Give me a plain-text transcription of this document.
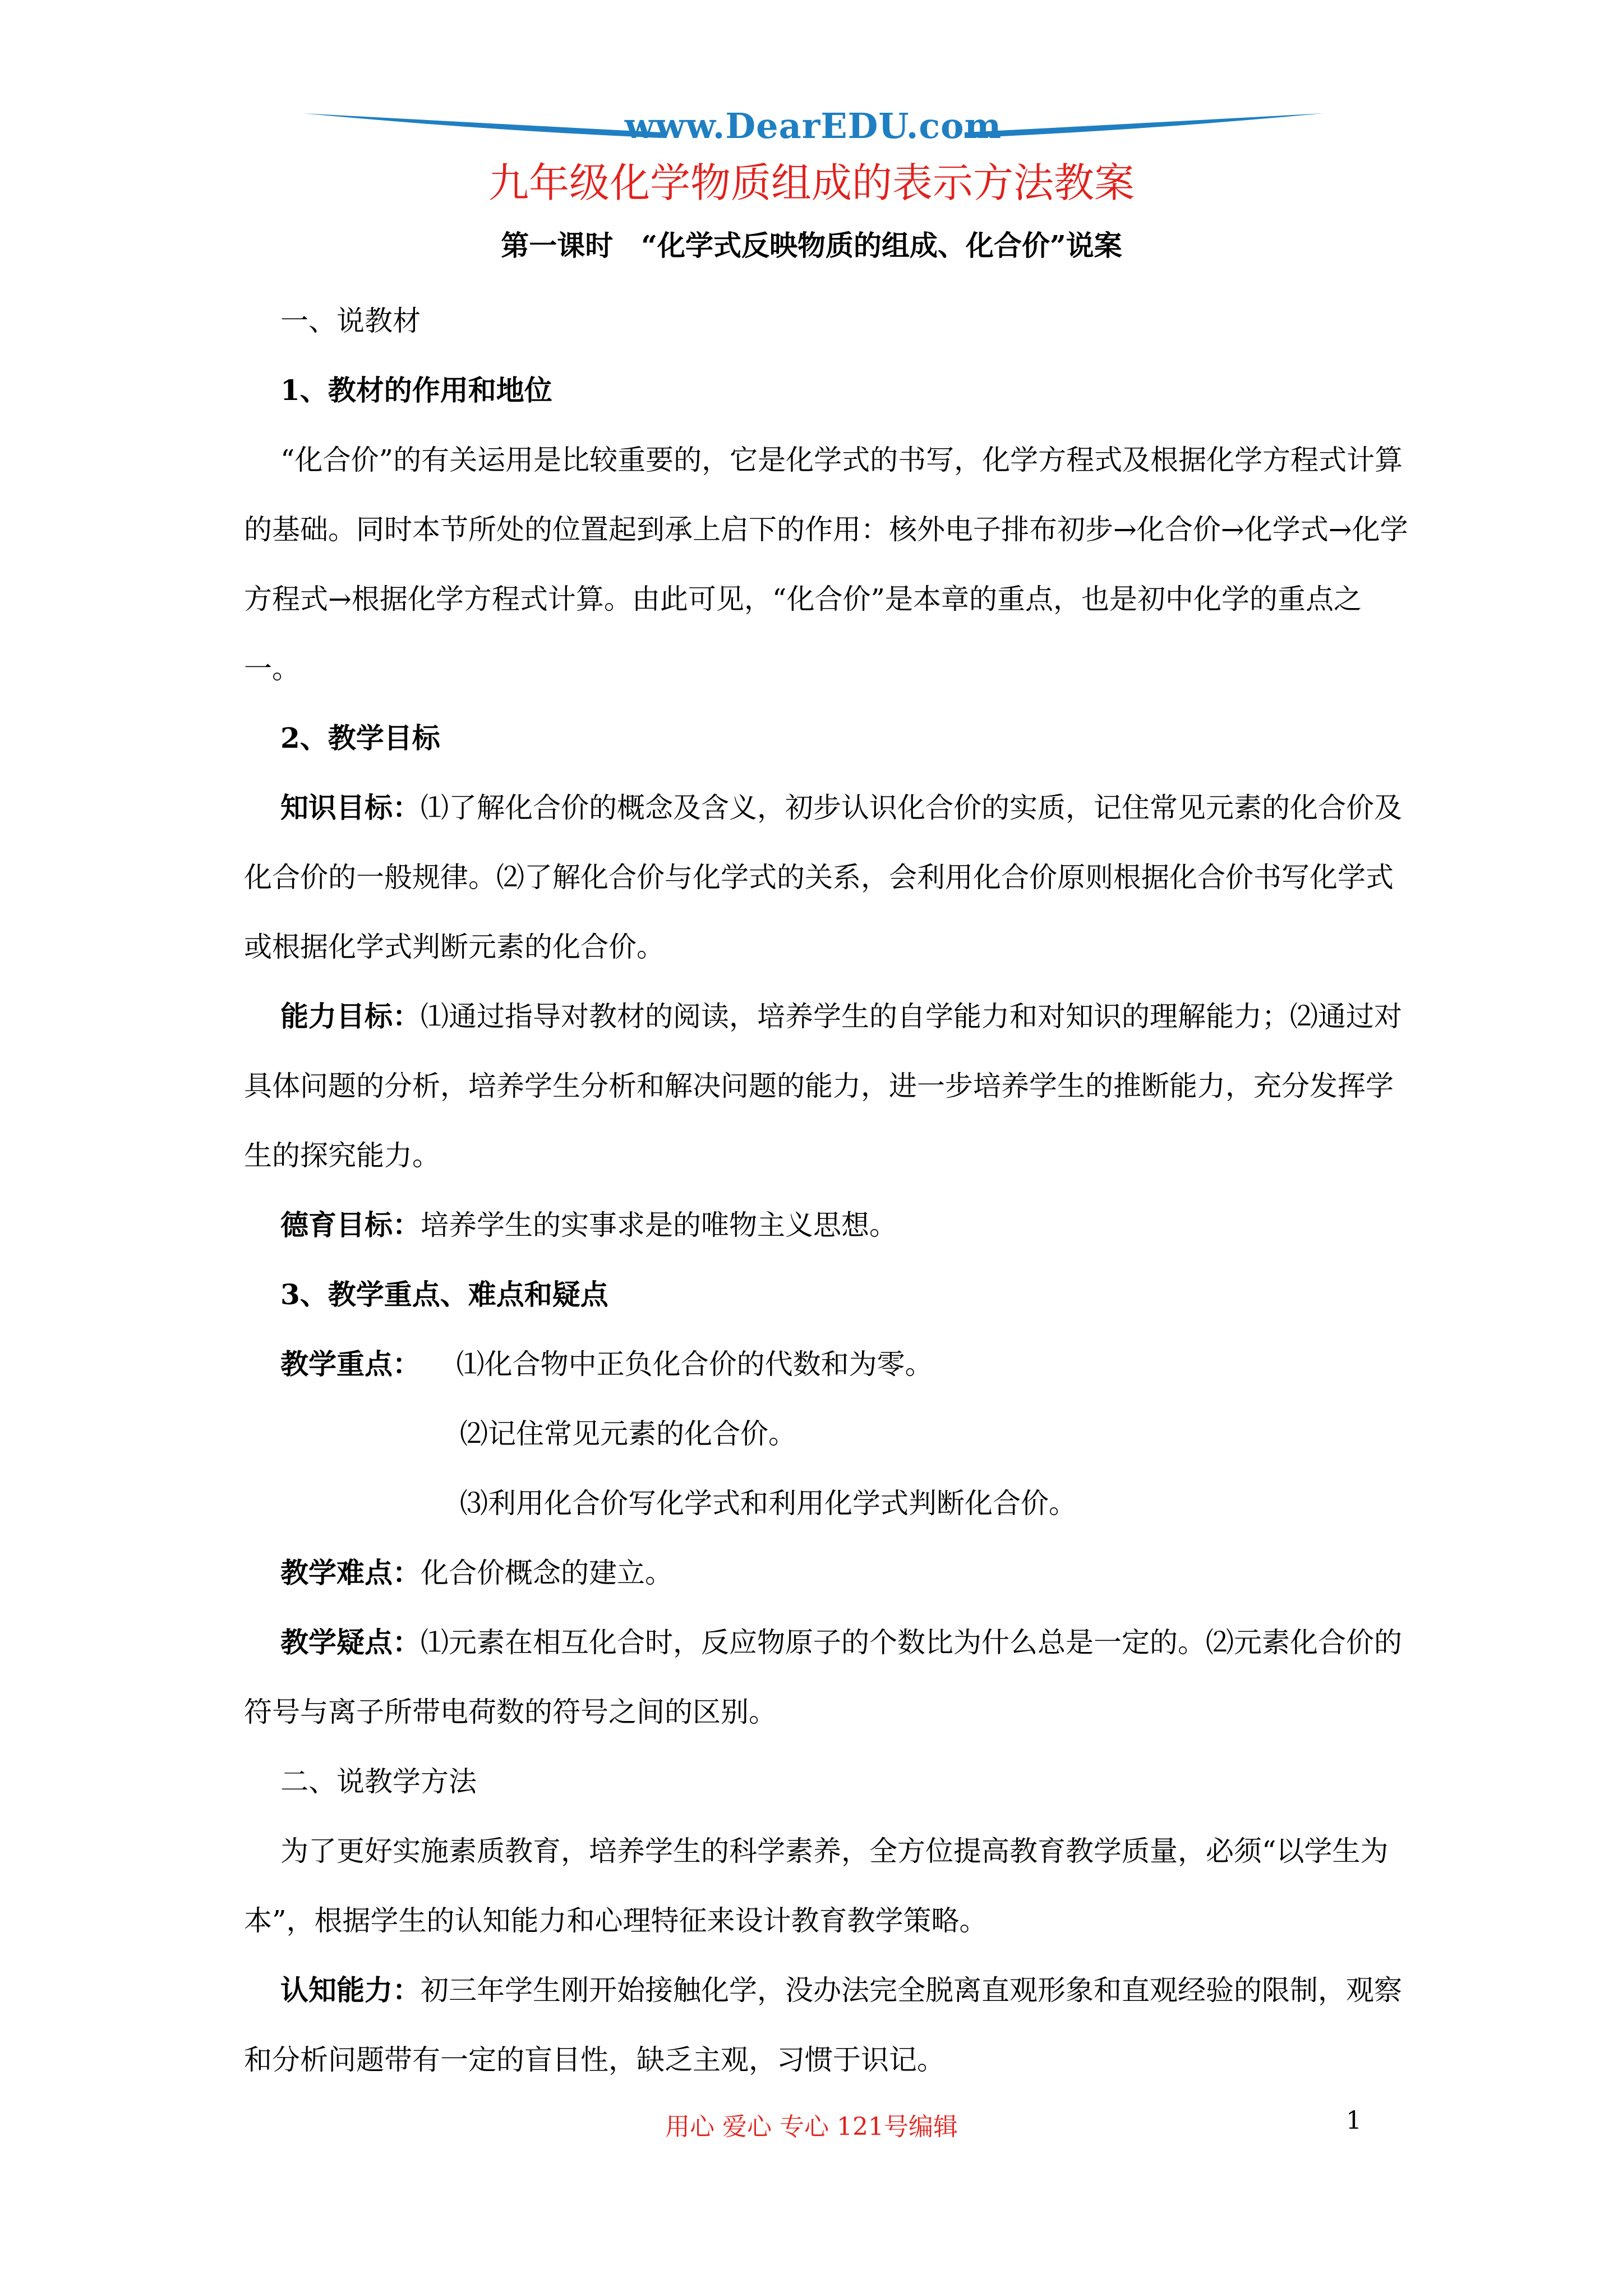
www.DearEDU.com
九年级化学物质组成的表示方法教案
第一课时　“化学式反映物质的组成、化合价”说案

一、说教材

1、教材的作用和地位

“化合价”的有关运用是比较重要的，它是化学式的书写，化学方程式及根据化学方程式计算的基础。同时本节所处的位置起到承上启下的作用：核外电子排布初步→化合价→化学式→化学方程式→根据化学方程式计算。由此可见，“化合价”是本章的重点，也是初中化学的重点之一。

2、教学目标

知识目标：⑴了解化合价的概念及含义，初步认识化合价的实质，记住常见元素的化合价及化合价的一般规律。⑵了解化合价与化学式的关系，会利用化合价原则根据化合价书写化学式或根据化学式判断元素的化合价。

能力目标：⑴通过指导对教材的阅读，培养学生的自学能力和对知识的理解能力；⑵通过对具体问题的分析，培养学生分析和解决问题的能力，进一步培养学生的推断能力，充分发挥学生的探究能力。

德育目标：培养学生的实事求是的唯物主义思想。

3、教学重点、难点和疑点

教学重点： ⑴化合物中正负化合价的代数和为零。

⑵记住常见元素的化合价。

⑶利用化合价写化学式和利用化学式判断化合价。

教学难点：化合价概念的建立。

教学疑点：⑴元素在相互化合时，反应物原子的个数比为什么总是一定的。⑵元素化合价的符号与离子所带电荷数的符号之间的区别。

二、说教学方法

为了更好实施素质教育，培养学生的科学素养，全方位提高教育教学质量，必须“以学生为本”，根据学生的认知能力和心理特征来设计教育教学策略。

认知能力：初三年学生刚开始接触化学，没办法完全脱离直观形象和直观经验的限制，观察和分析问题带有一定的盲目性，缺乏主观，习惯于识记。

用心 爱心 专心 121号编辑	1
